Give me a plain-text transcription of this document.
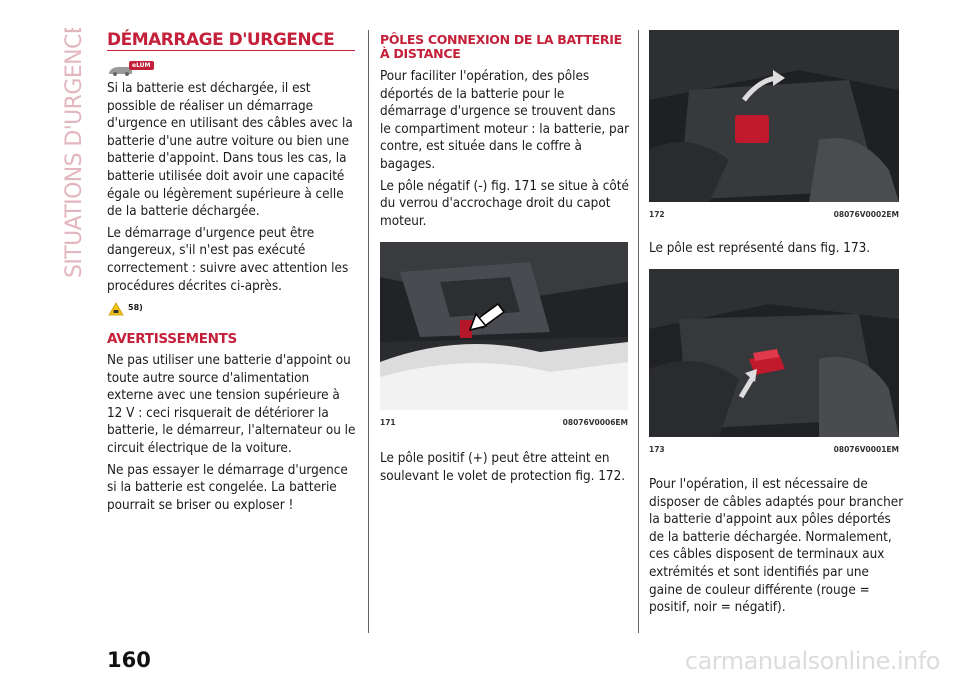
SITUATIONS D'URGENCE DÉMARRAGE D'URGENCE
eLUM

Si la batterie est déchargée, il est possible de réaliser un démarrage d'urgence en utilisant des câbles avec la batterie d'une autre voiture ou bien une batterie d'appoint. Dans tous les cas, la batterie utilisée doit avoir une capacité égale ou légèrement supérieure à celle de la batterie déchargée.

Le démarrage d'urgence peut être dangereux, s'il n'est pas exécuté correctement : suivre avec attention les procédures décrites ci-après.

58)
AVERTISSEMENTS

Ne pas utiliser une batterie d'appoint ou toute autre source d'alimentation externe avec une tension supérieure à 12 V : ceci risquerait de détériorer la batterie, le démarreur, l'alternateur ou le circuit électrique de la voiture.

Ne pas essayer le démarrage d'urgence si la batterie est congelée. La batterie pourrait se briser ou exploser !

PÔLES CONNEXION DE LA BATTERIE À DISTANCE

Pour faciliter l'opération, des pôles déportés de la batterie pour le démarrage d'urgence se trouvent dans le compartiment moteur : la batterie, par contre, est située dans le coffre à bagages.

Le pôle négatif (-) fig. 171 se situe à côté du verrou d'accrochage droit du capot moteur.

171	08076V0006EM

Le pôle positif (+) peut être atteint en soulevant le volet de protection fig. 172.

172	08076V0002EM

Le pôle est représenté dans fig. 173.

173	08076V0001EM

Pour l'opération, il est nécessaire de disposer de câbles adaptés pour brancher la batterie d'appoint aux pôles déportés de la batterie déchargée. Normalement, ces câbles disposent de terminaux aux extrémités et sont identifiés par une gaine de couleur différente (rouge = positif, noir = négatif).

160	carmanualsonline.info
